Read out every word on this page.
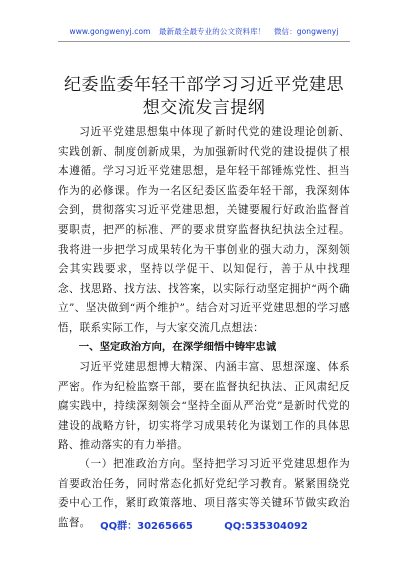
www.gongwenyj.com 最新最全最专业的公文资料库！ 微信：gongwenyj
纪委监委年轻干部学习习近平党建思想交流发言提纲

习近平党建思想集中体现了新时代党的建设理论创新、实践创新、制度创新成果，为加强新时代党的建设提供了根本遵循。学习习近平党建思想，是年轻干部锤炼党性、担当作为的必修课。作为一名区纪委区监委年轻干部，我深刻体会到，贯彻落实习近平党建思想，关键要履行好政治监督首要职责，把严的标准、严的要求贯穿监督执纪执法全过程。我将进一步把学习成果转化为干事创业的强大动力，深刻领会其实践要求，坚持以学促干、以知促行，善于从中找理念、找思路、找方法、找答案，以实际行动坚定拥护“两个确立”、坚决做到“两个维护”。结合对习近平党建思想的学习感悟，联系实际工作，与大家交流几点想法：

一、坚定政治方向，在深学细悟中铸牢忠诚

习近平党建思想博大精深、内涵丰富、思想深邃、体系严密。作为纪检监察干部，要在监督执纪执法、正风肃纪反腐实践中，持续深刻领会“坚持全面从严治党”是新时代党的建设的战略方针，切实将学习成果转化为谋划工作的具体思路、推动落实的有力举措。

（一）把准政治方向。坚持把学习习近平党建思想作为首要政治任务，同时常态化抓好党纪学习教育。紧紧围绕党委中心工作，紧盯政策落地、项目落实等关键环节做实政治监督。 QQ群：30265665	QQ:535304092
